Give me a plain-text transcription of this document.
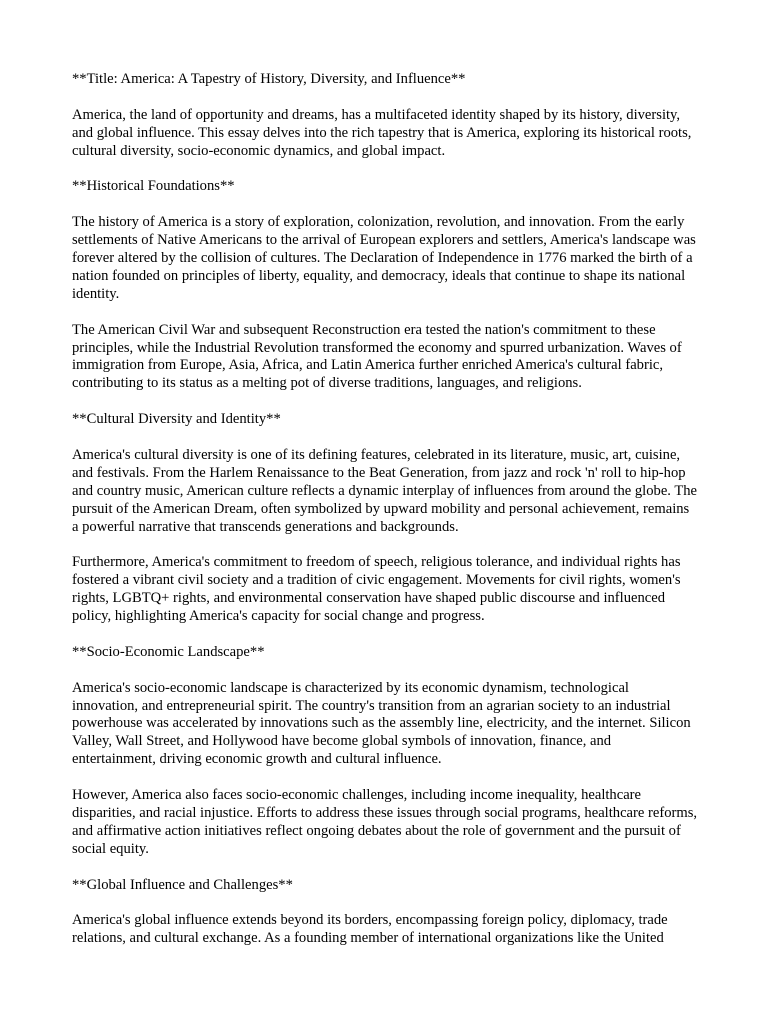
**Title: America: A Tapestry of History, Diversity, and Influence**

America, the land of opportunity and dreams, has a multifaceted identity shaped by its history, diversity, and global influence. This essay delves into the rich tapestry that is America, exploring its historical roots, cultural diversity, socio-economic dynamics, and global impact.

**Historical Foundations**

The history of America is a story of exploration, colonization, revolution, and innovation. From the early settlements of Native Americans to the arrival of European explorers and settlers, America's landscape was forever altered by the collision of cultures. The Declaration of Independence in 1776 marked the birth of a nation founded on principles of liberty, equality, and democracy, ideals that continue to shape its national identity.

The American Civil War and subsequent Reconstruction era tested the nation's commitment to these principles, while the Industrial Revolution transformed the economy and spurred urbanization. Waves of immigration from Europe, Asia, Africa, and Latin America further enriched America's cultural fabric, contributing to its status as a melting pot of diverse traditions, languages, and religions.

**Cultural Diversity and Identity**

America's cultural diversity is one of its defining features, celebrated in its literature, music, art, cuisine, and festivals. From the Harlem Renaissance to the Beat Generation, from jazz and rock 'n' roll to hip-hop and country music, American culture reflects a dynamic interplay of influences from around the globe. The pursuit of the American Dream, often symbolized by upward mobility and personal achievement, remains a powerful narrative that transcends generations and backgrounds.

Furthermore, America's commitment to freedom of speech, religious tolerance, and individual rights has fostered a vibrant civil society and a tradition of civic engagement. Movements for civil rights, women's rights, LGBTQ+ rights, and environmental conservation have shaped public discourse and influenced policy, highlighting America's capacity for social change and progress.

**Socio-Economic Landscape**

America's socio-economic landscape is characterized by its economic dynamism, technological innovation, and entrepreneurial spirit. The country's transition from an agrarian society to an industrial powerhouse was accelerated by innovations such as the assembly line, electricity, and the internet. Silicon Valley, Wall Street, and Hollywood have become global symbols of innovation, finance, and entertainment, driving economic growth and cultural influence.

However, America also faces socio-economic challenges, including income inequality, healthcare disparities, and racial injustice. Efforts to address these issues through social programs, healthcare reforms, and affirmative action initiatives reflect ongoing debates about the role of government and the pursuit of social equity.

**Global Influence and Challenges**

America's global influence extends beyond its borders, encompassing foreign policy, diplomacy, trade relations, and cultural exchange. As a founding member of international organizations like the United
